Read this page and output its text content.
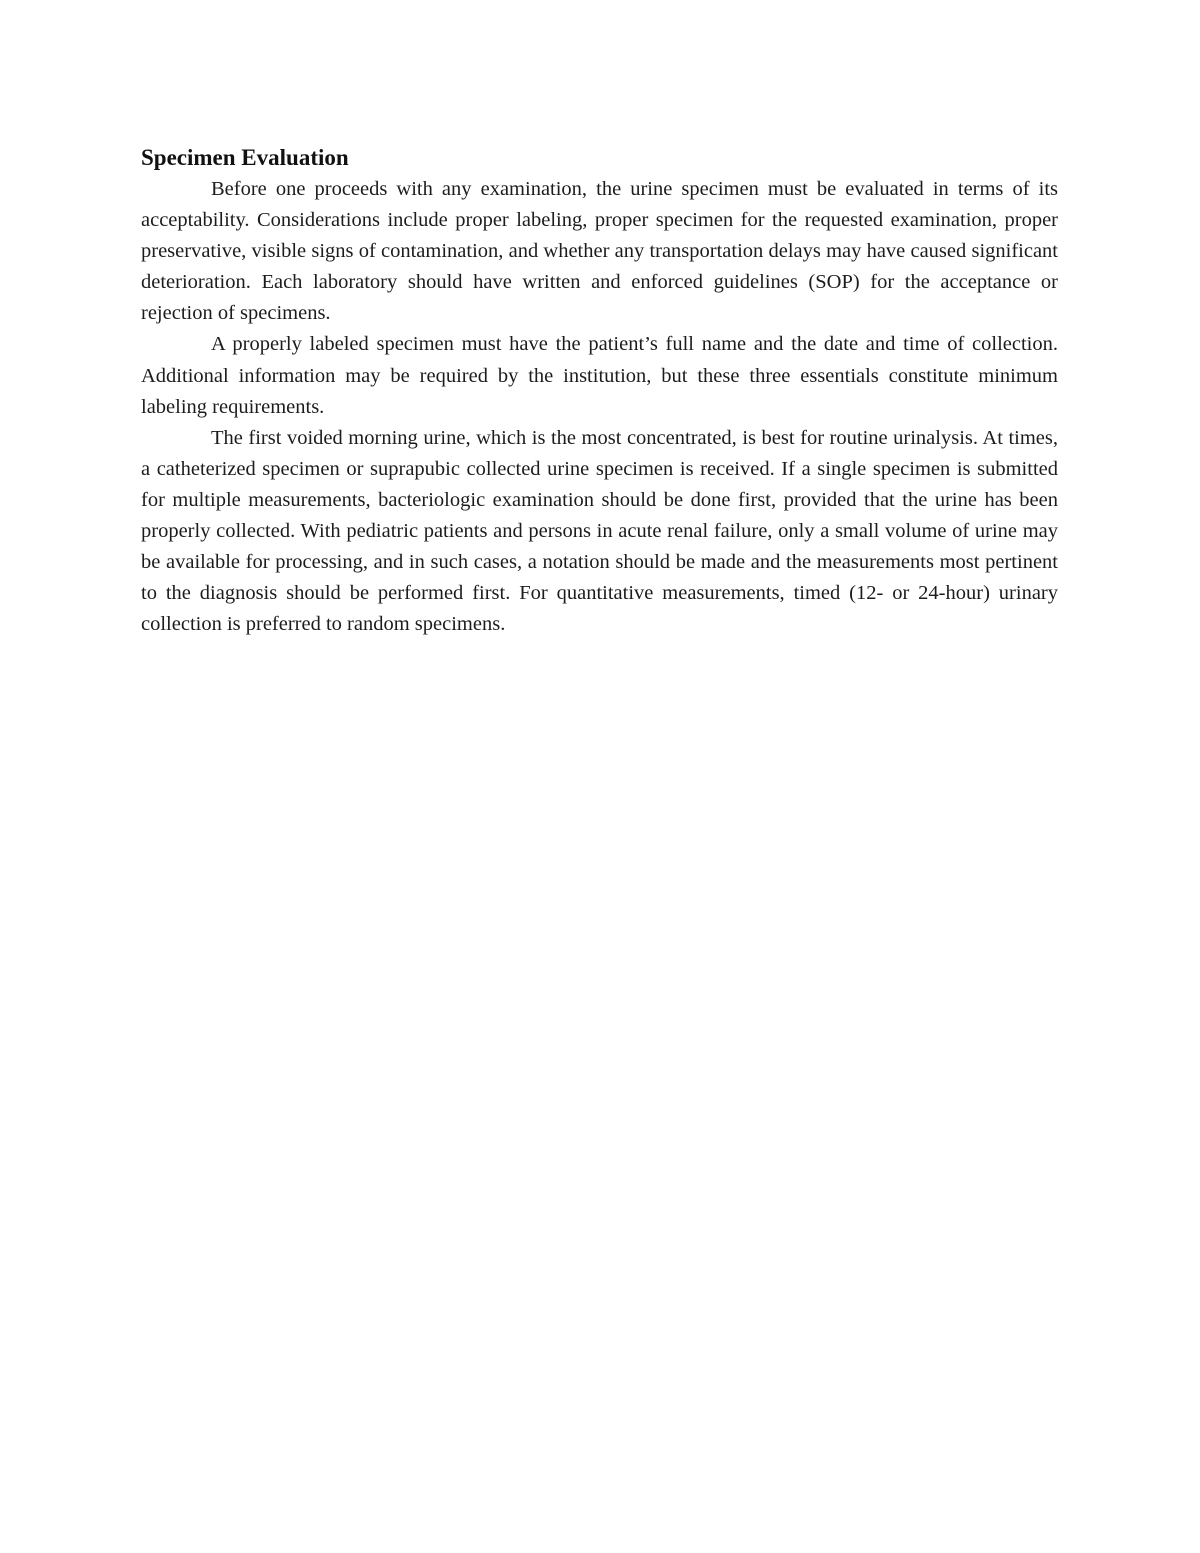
Specimen Evaluation

Before one proceeds with any examination, the urine specimen must be evaluated in terms of its acceptability. Considerations include proper labeling, proper specimen for the requested examination, proper preservative, visible signs of contamination, and whether any transportation delays may have caused significant deterioration. Each laboratory should have written and enforced guidelines (SOP) for the acceptance or rejection of specimens.

A properly labeled specimen must have the patient’s full name and the date and time of collection. Additional information may be required by the institution, but these three essentials constitute minimum labeling requirements.

The first voided morning urine, which is the most concentrated, is best for routine urinalysis. At times, a catheterized specimen or suprapubic collected urine specimen is received. If a single specimen is submitted for multiple measurements, bacteriologic examination should be done first, provided that the urine has been properly collected. With pediatric patients and persons in acute renal failure, only a small volume of urine may be available for processing, and in such cases, a notation should be made and the measurements most pertinent to the diagnosis should be performed first. For quantitative measurements, timed (12- or 24-hour) urinary collection is preferred to random specimens.
